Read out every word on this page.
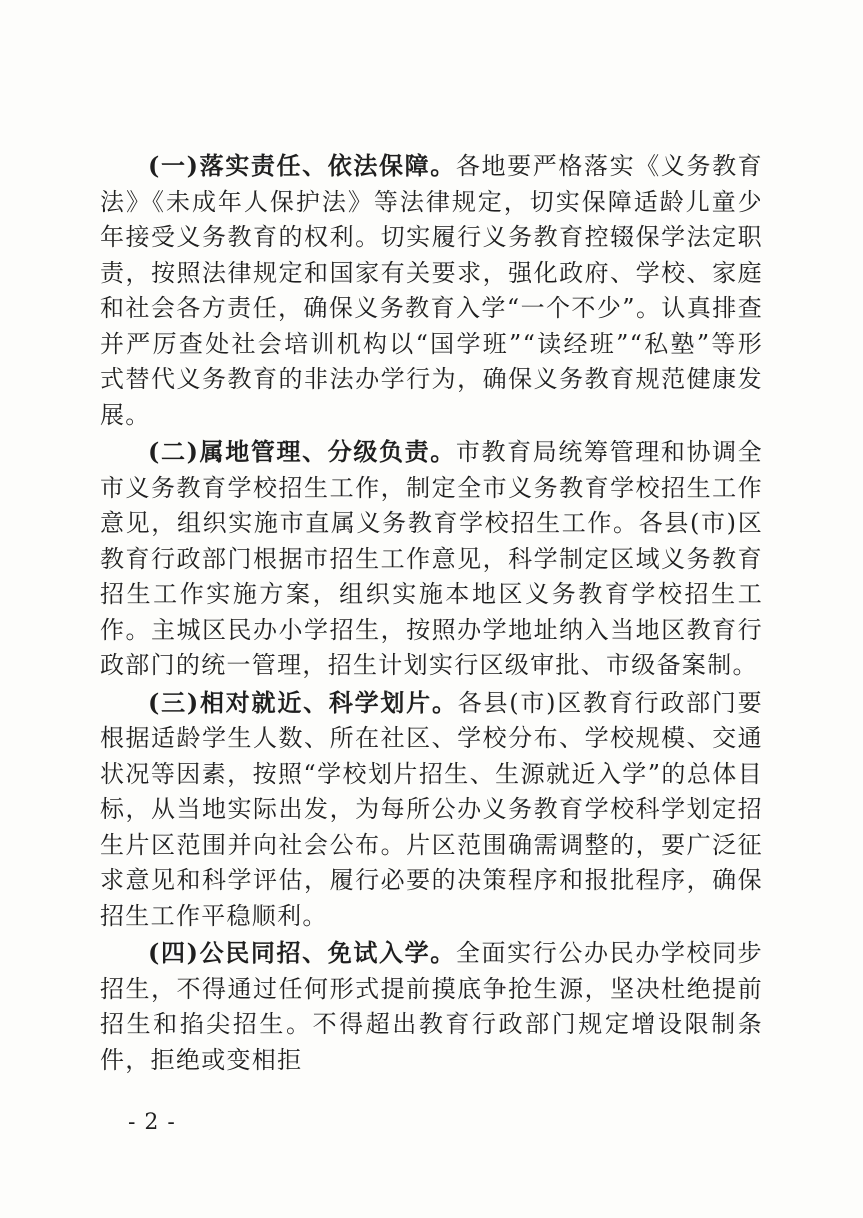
(一)落实责任、依法保障。各地要严格落实《义务教育法》《未成年人保护法》等法律规定，切实保障适龄儿童少年接受义务教育的权利。切实履行义务教育控辍保学法定职责，按照法律规定和国家有关要求，强化政府、学校、家庭和社会各方责任，确保义务教育入学“一个不少”。认真排查并严厉查处社会培训机构以“国学班”“读经班”“私塾”等形式替代义务教育的非法办学行为，确保义务教育规范健康发展。

(二)属地管理、分级负责。市教育局统筹管理和协调全市义务教育学校招生工作，制定全市义务教育学校招生工作意见，组织实施市直属义务教育学校招生工作。各县(市)区教育行政部门根据市招生工作意见，科学制定区域义务教育招生工作实施方案，组织实施本地区义务教育学校招生工作。主城区民办小学招生，按照办学地址纳入当地区教育行政部门的统一管理，招生计划实行区级审批、市级备案制。

(三)相对就近、科学划片。各县(市)区教育行政部门要根据适龄学生人数、所在社区、学校分布、学校规模、交通状况等因素，按照“学校划片招生、生源就近入学”的总体目标，从当地实际出发，为每所公办义务教育学校科学划定招生片区范围并向社会公布。片区范围确需调整的，要广泛征求意见和科学评估，履行必要的决策程序和报批程序，确保招生工作平稳顺利。

(四)公民同招、免试入学。全面实行公办民办学校同步招生，不得通过任何形式提前摸底争抢生源，坚决杜绝提前招生和掐尖招生。不得超出教育行政部门规定增设限制条件，拒绝或变相拒

- 2 -
